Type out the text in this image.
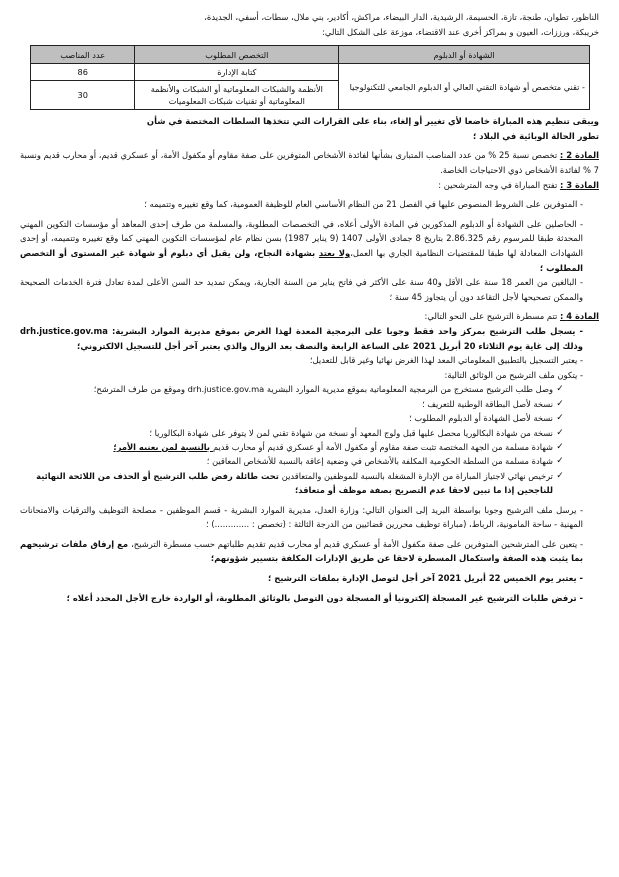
الناظور، تطوان، طنجة، تازة، الحسيمة، الرشيدية، الدار البيضاء، مراكش، أكادير، بني ملال، سطات، أسفي، الجديدة،

خريبكة، ورززات، العيون و بمراكز أخرى عند الاقتضاء، موزعة على الشكل التالي:

الشهادة أو الدبلوم	التخصص المطلوب	عدد المناصب
- تقني متخصص أو شهادة التقني العالي أو الدبلوم الجامعي للتكنولوجيا	كتابة الإدارة	86
	الأنظمة والشبكات المعلوماتية أو الشبكات والأنظمة المعلوماتية أو تقنيات شبكات المعلوميات	30

ويبقى تنظيم هذه المباراة خاضعا لأي تغيير أو إلغاء، بناء على القرارات التي تتخذها السلطات المختصة في شأن

تطور الحالة الوبائية في البلاد ؛

المادة 2 : تخصص نسبة 25 % من عدد المناصب المتبارى بشأنها لفائدة الأشخاص المتوفرين على صفة مقاوم أو مكفول الأمة، أو عسكري قديم، أو محارب قديم ونسبة 7 % لفائدة الأشخاص ذوي الاحتياجات الخاصة.

المادة 3 : تفتح المباراة في وجه المترشحين :

- المتوفرين على الشروط المنصوص عليها في الفصل 21 من النظام الأساسي العام للوظيفة العمومية، كما وقع تغييره وتتميمه ؛

- الحاصلين على الشهادة أو الدبلوم المذكورين في المادة الأولى أعلاه، في التخصصات المطلوبة، والمسلمة من طرف إحدى المعاهد أو مؤسسات التكوين المهني المحدثة طبقا للمرسوم رقم 2.86.325 بتاريخ 8 جمادى الأولى 1407 (9 يناير 1987) بسن نظام عام لمؤسسات التكوين المهني كما وقع تغييره وتتميمه، أو إحدى الشهادات المعادلة لها طبقا للمقتضيات النظامية الجاري بها العمل،ولا يعتد بشهادة النجاح، ولن يقبل أي دبلوم أو شهادة غير المستوى أو التخصص المطلوب ؛

- البالغين من العمر 18 سنة على الأقل و40 سنة على الأكثر في فاتح يناير من السنة الجارية، ويمكن تمديد حد السن الأعلى لمدة تعادل فترة الخدمات الصحيحة والممكن تصحيحها لأجل التقاعد دون أن يتجاوز 45 سنة ؛

المادة 4 : تتم مسطرة الترشيح على النحو التالي:

- يسجل طلب الترشيح بمركز واحد فقط وجوبا على البرمجية المعدة لهذا الغرض بموقع مديرية الموارد البشرية: drh.justice.gov.ma وذلك إلى غاية يوم الثلاثاء 20 أبريل 2021 على الساعة الرابعة والنصف بعد الزوال والذي يعتبر آخر أجل للتسجيل الالكتروني؛

- يعتبر التسجيل بالتطبيق المعلوماتي المعد لهذا الغرض نهائيا وغير قابل للتعديل؛

- يتكون ملف الترشيح من الوثائق التالية:

✓
وصل طلب الترشيح مستخرج من البرمجية المعلوماتية بموقع مديرية الموارد البشرية drh.justice.gov.ma وموقع من طرف المترشح؛
✓
نسخة لأصل البطاقة الوطنية للتعريف ؛
✓
نسخة لأصل الشهادة أو الدبلوم المطلوب ؛
✓
نسخة من شهادة البكالوريا محصل عليها قبل ولوج المعهد أو نسخة من شهادة تقني لمن لا يتوفر على شهادة البكالوريا ؛
✓
شهادة مسلمة من الجهة المختصة تثبت صفة مقاوم أو مكفول الأمة أو عسكري قديم أو محارب قديم بالنسبة لمن يعنيه الأمر؛
✓
شهادة مسلمة من السلطة الحكومية المكلفة بالأشخاص في وضعية إعاقة بالنسبة للأشخاص المعاقين ؛
✓
ترخيص نهائي لاجتياز المباراة من الإدارة المشغلة بالنسبة للموظفين والمتعاقدين تحت طائلة رفض طلب الترشيح أو الحذف من اللائحة النهائية للناجحين إذا ما تبين لاحقا عدم التصريح بصفة موظف أو متعاقد؛

- يرسل ملف الترشيح وجوبا بواسطة البريد إلى العنوان التالي: وزارة العدل، مديرية الموارد البشرية - قسم الموظفين - مصلحة التوظيف والترقيات والامتحانات المهنية - ساحة المامونية، الرباط، (مباراة توظيف محررين قضائيين من الدرجة الثالثة : (تخصص : .............) ؛

- يتعين على المترشحين المتوفرين على صفة مكفول الأمة أو عسكري قديم أو محارب قديم تقديم طلباتهم حسب مسطرة الترشيح، مع إرفاق ملفات ترشيحهم بما يثبت هذه الصفة واستكمال المسطرة لاحقا عن طريق الإدارات المكلفة بتسيير شؤونهم؛

- يعتبر يوم الخميس 22 أبريل 2021 آخر أجل لتوصل الإدارة بملفات الترشيح ؛

- ترفض طلبات الترشيح غير المسجلة إلكترونيا أو المسجلة دون التوصل بالوثائق المطلوبة، أو الواردة خارج الأجل المحدد أعلاه ؛
